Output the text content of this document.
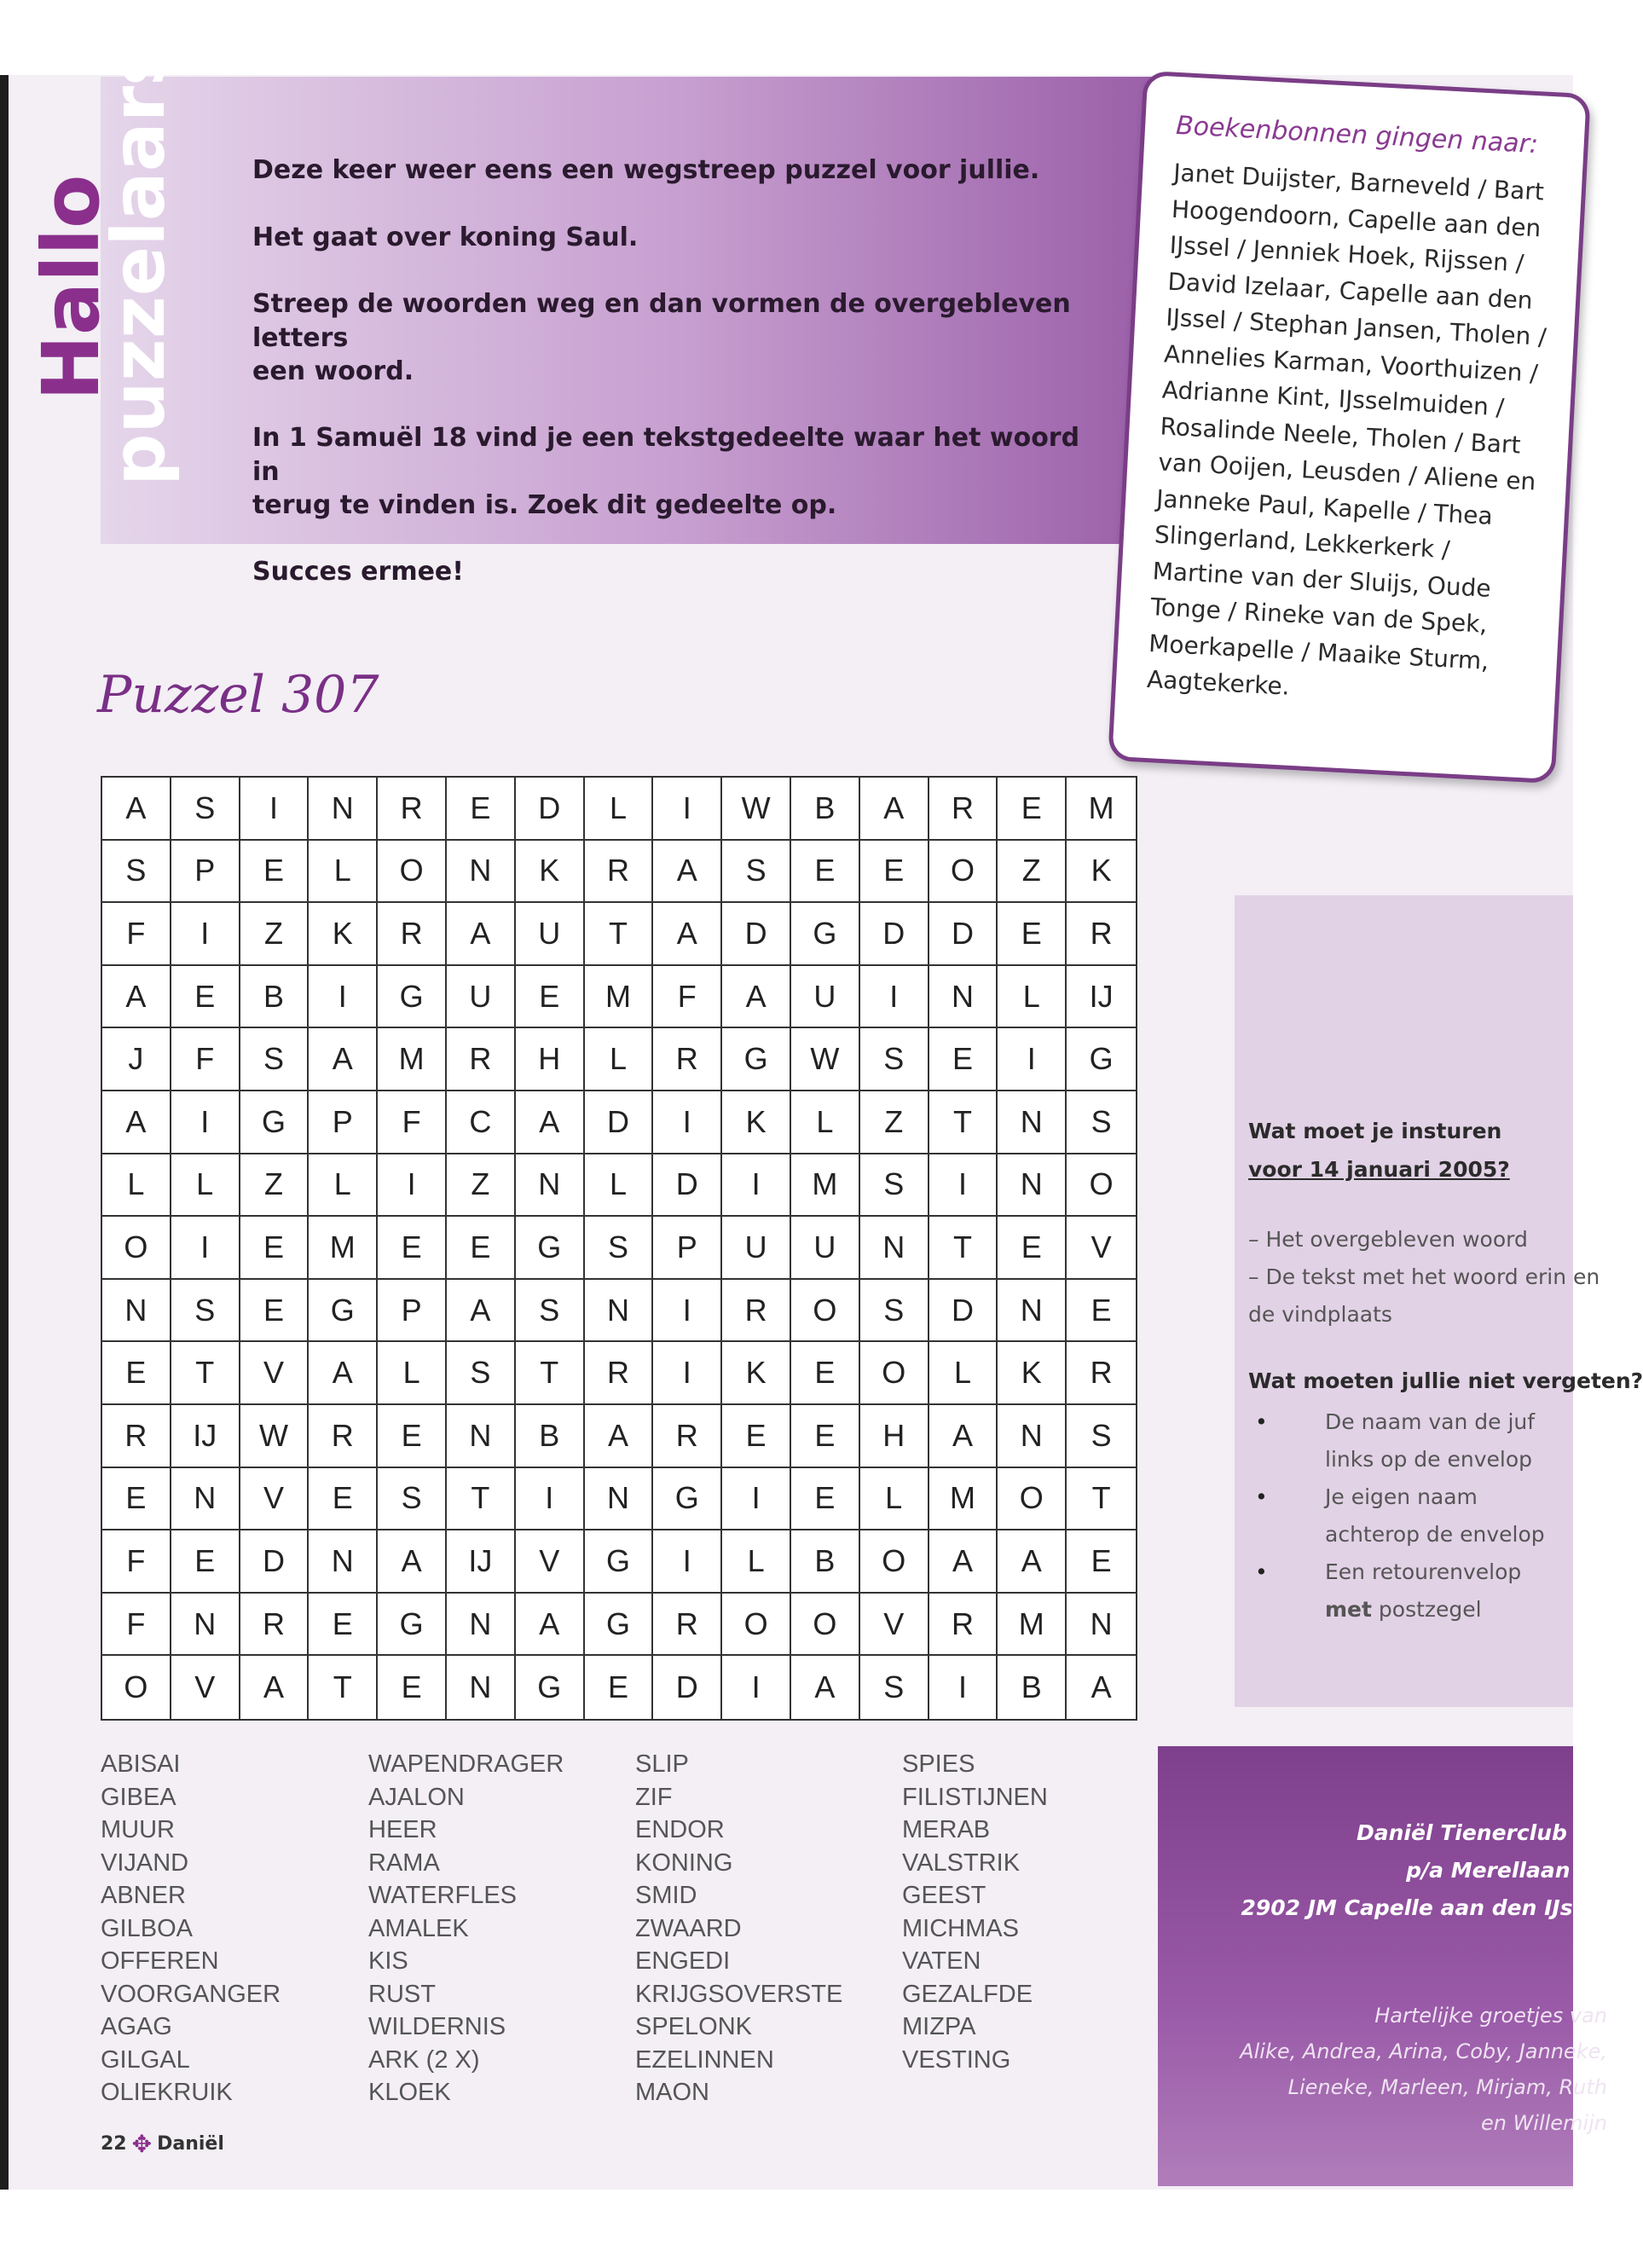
Hallo
puzzelaars!	Deze keer weer eens een wegstreep puzzel voor jullie.

Het gaat over koning Saul.

Streep de woorden weg en dan vormen de overgebleven letters

een woord.

In 1 Samuël 18 vind je een tekstgedeelte waar het woord in

terug te vinden is. Zoek dit gedeelte op.

Succes ermee!

Boekenbonnen gingen naar:
Janet Duijster, Barneveld / Bart Hoogendoorn, Capelle aan den IJssel / Jenniek Hoek, Rijssen / David Izelaar, Capelle aan den IJssel / Stephan Jansen, Tholen / Annelies Karman, Voorthuizen / Adrianne Kint, IJsselmuiden / Rosalinde Neele, Tholen / Bart van Ooijen, Leusden / Aliene en Janneke Paul, Kapelle / Thea Slingerland, Lekkerkerk / Martine van der Sluijs, Oude Tonge / Rineke van de Spek, Moerkapelle / Maaike Sturm, Aagtekerke.
Puzzel 307
A	S	I	N	R	E	D	L	I	W	B	A	R	E	M
S	P	E	L	O	N	K	R	A	S	E	E	O	Z	K
F	I	Z	K	R	A	U	T	A	D	G	D	D	E	R
A	E	B	I	G	U	E	M	F	A	U	I	N	L	IJ
J	F	S	A	M	R	H	L	R	G	W	S	E	I	G
A	I	G	P	F	C	A	D	I	K	L	Z	T	N	S
L	L	Z	L	I	Z	N	L	D	I	M	S	I	N	O
O	I	E	M	E	E	G	S	P	U	U	N	T	E	V
N	S	E	G	P	A	S	N	I	R	O	S	D	N	E
E	T	V	A	L	S	T	R	I	K	E	O	L	K	R
R	IJ	W	R	E	N	B	A	R	E	E	H	A	N	S
E	N	V	E	S	T	I	N	G	I	E	L	M	O	T
F	E	D	N	A	IJ	V	G	I	L	B	O	A	A	E
F	N	R	E	G	N	A	G	R	O	O	V	R	M	N
O	V	A	T	E	N	G	E	D	I	A	S	I	B	A
ABISAI
GIBEA
MUUR
VIJAND
ABNER
GILBOA
OFFEREN
VOORGANGER
AGAG
GILGAL
OLIEKRUIK
WAPENDRAGER
AJALON
HEER
RAMA
WATERFLES
AMALEK
KIS
RUST
WILDERNIS
ARK (2 X)
KLOEK
SLIP
ZIF
ENDOR
KONING
SMID
ZWAARD
ENGEDI
KRIJGSOVERSTE
SPELONK
EZELINNEN
MAON
SPIES
FILISTIJNEN
MERAB
VALSTRIK
GEEST
MICHMAS
VATEN
GEZALFDE
MIZPA
VESTING
22 ✥ Daniël
Wat moet je insturen
voor 14 januari 2005?
– Het overgebleven woord
– De tekst met het woord erin en
de vindplaats
Wat moeten jullie niet vergeten?
• De naam van de juf links op de envelop
• Je eigen naam achterop de envelop
• Een retourenvelop met postzegel
Daniël Tienerclub +1
p/a Merellaan 34
2902 JM Capelle aan den IJssel
Hartelijke groetjes van
Alike, Andrea, Arina, Coby, Janneke,
Lieneke, Marleen, Mirjam, Ruth
en Willemijn
